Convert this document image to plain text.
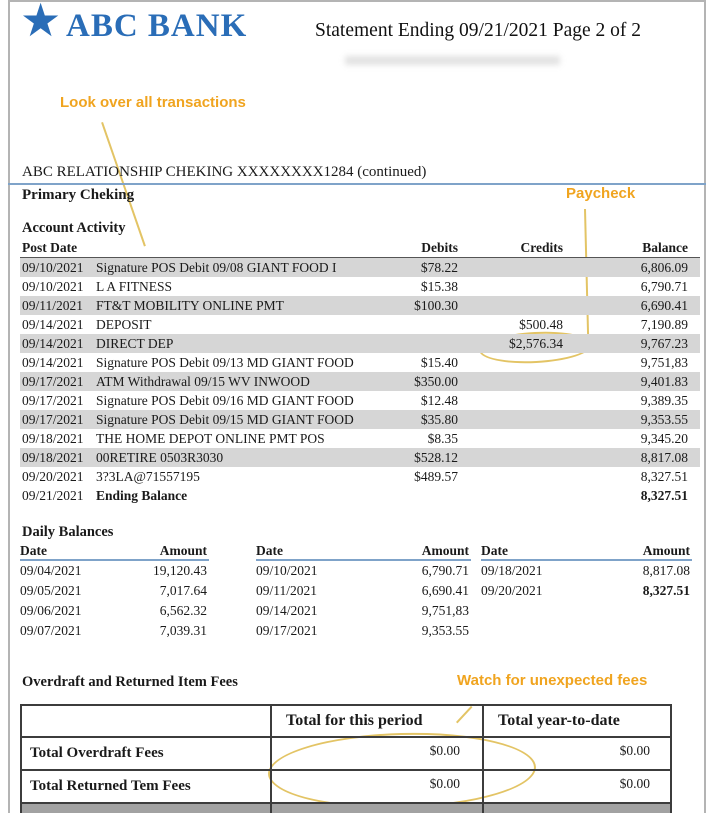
★ ABC BANK	Statement Ending 09/21/2021 Page 2 of 2
Look over all transactions
Paycheck
Watch for unexpected fees
ABC RELATIONSHIP CHEKING XXXXXXXX1284 (continued)
Primary Cheking
Account Activity
Post Date		Debits	Credits	Balance
09/10/2021	Signature POS Debit 09/08 GIANT FOOD I	$78.22		6,806.09
09/10/2021	L A FITNESS	$15.38		6,790.71
09/11/2021	FT&T MOBILITY ONLINE PMT	$100.30		6,690.41
09/14/2021	DEPOSIT		$500.48	7,190.89
09/14/2021	DIRECT DEP		$2,576.34	9,767.23
09/14/2021	Signature POS Debit 09/13 MD GIANT FOOD	$15.40		9,751,83
09/17/2021	ATM Withdrawal 09/15 WV INWOOD	$350.00		9,401.83
09/17/2021	Signature POS Debit 09/16 MD GIANT FOOD	$12.48		9,389.35
09/17/2021	Signature POS Debit 09/15 MD GIANT FOOD	$35.80		9,353.55
09/18/2021	THE HOME DEPOT ONLINE PMT POS	$8.35		9,345.20
09/18/2021	00RETIRE 0503R3030	$528.12		8,817.08
09/20/2021	3?3LA@71557195	$489.57		8,327.51
09/21/2021	Ending Balance			8,327.51
Daily Balances
Date	Amount
09/04/2021	19,120.43
09/05/2021	7,017.64
09/06/2021	6,562.32
09/07/2021	7,039.31
Date	Amount
09/10/2021	6,790.71
09/11/2021	6,690.41
09/14/2021	9,751,83
09/17/2021	9,353.55
Date	Amount
09/18/2021	8,817.08
09/20/2021	8,327.51
Overdraft and Returned Item Fees
	Total for this period	Total year-to-date
Total Overdraft Fees	$0.00	$0.00
Total Returned Tem Fees	$0.00	$0.00
